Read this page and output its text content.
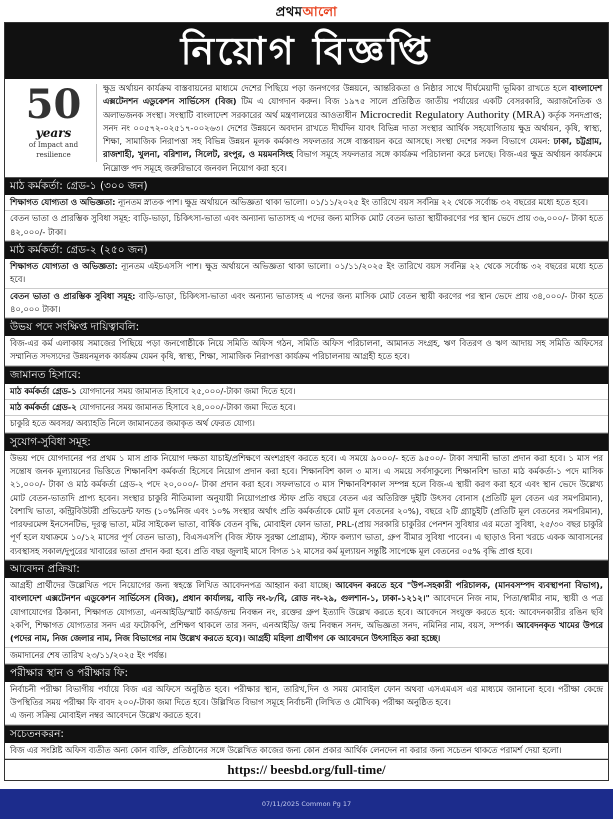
প্রথমআলো
নিয়োগ বিজ্ঞপ্তি
50
years
of Impact and resilience
ক্ষুদ্র অর্থায়ন কার্যক্রম বাস্তবায়নের মাধ্যমে দেশের পিছিয়ে পড়া জনগণের উন্নয়নে, আন্তরিকতা ও নিষ্ঠার সাথে দীর্ঘমেয়াদী ভূমিকা রাখতে হলে বাংলাদেশ এক্সটেনশন এডুকেশন সার্ভিসেস (বিজ) টিম এ যোগদান করুন। বিজ ১৯৭৫ সালে প্রতিষ্ঠিত জাতীয় পর্যায়ের একটি বেসরকারি, অরাজনৈতিক ও অলাভজনক সংস্থা। সংস্থাটি বাংলাদেশ সরকারের অর্থ মন্ত্রণালয়ের আওতাধীন Microcredit Regulatory Authority (MRA) কর্তৃক সনদপ্রাপ্ত; সনদ নং ০০৫৭২-০২৫১৭-০০২৬৩। দেশের উন্নয়নে অবদান রাখতে দীর্ঘদিন যাবৎ বিভিন্ন দাতা সংস্থার আর্থিক সহযোগিতায় ক্ষুদ্র অর্থায়ন, কৃষি, স্বাস্থ্য, শিক্ষা, সামাজিক নিরাপত্তা সহ বিভিন্ন উন্নয়ন মূলক কর্মকাণ্ড সফলতার সঙ্গে বাস্তবায়ন করে আসছে। সংস্থা দেশের সকল বিভাগে যেমন: ঢাকা, চট্টগ্রাম, রাজশাহী, খুলনা, বরিশাল, সিলেট, রংপুর, ও ময়মনসিংহ বিভাগ সমূহে সফলতার সঙ্গে কার্যক্রম পরিচালনা করে চলছে। বিজ-এর ক্ষুদ্র অর্থায়ন কার্যক্রমে নিম্নোক্ত পদ সমূহে জরুরিভাবে জনবল নিয়োগ করা হবে।
মাঠ কর্মকর্তা: গ্রেড-১ (৩০০ জন)
শিক্ষাগত যোগ্যতা ও অভিজ্ঞতা: ন্যূনতম স্নাতক পাশ। ক্ষুদ্র অর্থায়নে অভিজ্ঞতা থাকা ভালো। ০১/১১/২০২৫ ইং তারিখে বয়স সর্বনিম্ন ২২ থেকে সর্বোচ্চ ৩২ বছরের মধ্যে হতে হবে।
বেতন ভাতা ও প্রারম্ভিক সুবিধা সমূহ: বাড়ি-ভাড়া, চিকিৎসা-ভাতা এবং অন্যান্য ভাতাসহ এ পদের জন্য মাসিক মোট বেতন ভাতা স্থায়ীকরণের পর স্থান ভেদে প্রায় ৩৬,০০০/- টাকা হতে ৪২,০০০/- টাকা।
মাঠ কর্মকর্তা: গ্রেড-২ (২৫০ জন)
শিক্ষাগত যোগ্যতা ও অভিজ্ঞতা: ন্যূনতম এইচএসসি পাশ। ক্ষুদ্র অর্থায়নে অভিজ্ঞতা থাকা ভালো। ০১/১১/২০২৫ ইং তারিখে বয়স সর্বনিম্ন ২২ থেকে সর্বোচ্চ ৩২ বছরের মধ্যে হতে হবে।
বেতন ভাতা ও প্রারম্ভিক সুবিধা সমূহ: বাড়ি-ভাড়া, চিকিৎসা-ভাতা এবং অন্যান্য ভাতাসহ এ পদের জন্য মাসিক মোট বেতন স্থায়ী করণের পর স্থান ভেদে প্রায় ৩৪,০০০/- টাকা হতে ৪০,০০০ টাকা।
উভয় পদে সংক্ষিপ্ত দায়িত্বাবলি:
বিজ-এর কর্ম এলাকায় সমাজের পিছিয়ে পড়া জনগোষ্ঠীকে নিয়ে সমিতি অফিস গঠন, সমিতি অফিস পরিচালনা, আমানত সংগ্রহ, ঋণ বিতরণ ও ঋণ আদায় সহ সমিতি অফিসের সম্মানিত সদস্যদের উন্নয়নমূলক কার্যক্রম যেমন কৃষি, স্বাস্থ্য, শিক্ষা, সামাজিক নিরাপত্তা কার্যক্রম পরিচালনায় আগ্রহী হতে হবে।
জামানত হিসাবে:
মাঠ কর্মকর্তা গ্রেড-১ যোগদানের সময় জামানত হিসাবে ২৫,০০০/-টাকা জমা দিতে হবে।
মাঠ কর্মকর্তা গ্রেড-২ যোগদানের সময় জামানত হিসাবে ২৪,০০০/-টাকা জমা দিতে হবে।
চাকুরি হতে অবসর/ অব্যাহতি নিলে জামানতের জমাকৃত অর্থ ফেরত যোগ্য।
সুযোগ-সুবিধা সমূহ:
উভয় পদে যোগদানের পর প্রথম ১ মাস প্রাক নিয়োগ দক্ষতা যাচাই/প্রশিক্ষণে অংশগ্রহণ করতে হবে। এ সময়ে ৯০০০/- হতে ৯৫০০/- টাকা সম্মানী ভাতা প্রদান করা হবে। ১ মাস পর সন্তোষ জনক মূল্যায়নের ভিত্তিতে শিক্ষানবিশ কর্মকর্তা হিসেবে নিয়োগ প্রদান করা হবে। শিক্ষানবিশ কাল ৩ মাস। এ সময়ে সর্বসাকুল্যে শিক্ষানবিশ ভাতা মাঠ কর্মকর্তা-১ পদে মাসিক ২১,০০০/- টাকা ও মাঠ কর্মকর্তা গ্রেড-২ পদে ২০,০০০/- টাকা প্রদান করা হবে। সফলভাবে ৩ মাস শিক্ষানবিশকাল সম্পন্ন হলে বিজ-এ স্থায়ী করণ করা হবে এবং স্থান ভেদে উল্লেখ্য মোট বেতন-ভাতাদি প্রাপ্য হবেন। সংস্থার চাকুরি নীতিমালা অনুযায়ী নিয়োগপ্রাপ্ত স্টাফ প্রতি বছরে বেতন এর অতিরিক্ত দুইটি উৎসব বোনাস (প্রতিটি মূল বেতন এর সমপরিমান), বৈশাখি ভাতা, কন্ট্রিবিউটরী প্রভিডেন্ট ফান্ড (১০%নিজ এবং ১০% সংস্থার অর্থাৎ প্রতি কর্মকর্তাকে মোট মূল বেতনের ২০%), বছরে ২টি গ্র্যাচুইটি (প্রতিটি মূল বেতনের সমপরিমান), পারফরমেন্স ইনসেনটিভ, দূরত্ব ভাতা, মটর সাইকেল ভাতা, বার্ষিক বেতন বৃদ্ধি, মোবাইল ফোন ভাতা, PRL-(প্রায় সরকারি চাকুরির পেনশন সুবিধার এর মতো সুবিধা, ২৫/৩০ বছর চাকুরি পূর্ণ হলে যথাক্রমে ১০/১২ মাসের পূর্ণ বেতন ভাতা), বিএসএসপি (বিজ স্টাফ সুরক্ষা প্রোগ্রাম), স্টাফ কল্যাণ ভাতা, গ্রুপ বীমার সুবিধা পাবেন। এ ছাড়াও বিনা খরচে একক আবাসনের ব্যবস্থাসহ সকাল/দুপুরের খাবারের ভাতা প্রদান করা হবে। প্রতি বছর জুলাই মাসে বিগত ১২ মাসের কর্ম মূল্যায়ন সন্তুষ্টি সাপেক্ষে মূল বেতনের ০৫% বৃদ্ধি প্রাপ্ত হবে।
আবেদন প্রক্রিয়া:
আগ্রহী প্রার্থীদের উল্লেখিত পদে নিয়োগের জন্য স্বহস্তে লিখিত আবেদনপত্র আহ্বান করা যাচ্ছে। আবেদন করতে হবে "উপ-সহকারী পরিচালক, (মানবসম্পদ ব্যবস্থাপনা বিভাগ), বাংলাদেশ এক্সটেনশন এডুকেশন সার্ভিসেস (বিজ), প্রধান কার্যালয়, বাড়ি নং-৮/বি, রোড নং-২৯, গুলশান-১, ঢাকা-১২১২।" আবেদনে নিজ নাম, পিতা/স্বামীর নাম, স্থায়ী ও পত্র যোগাযোগের ঠিকানা, শিক্ষাগত যোগ্যতা, এনআইডি/স্মার্ট কার্ড/জন্ম নিবন্ধন নং, রক্তের গ্রুপ ইত্যাদি উল্লেখ করতে হবে। আবেদনে সংযুক্ত করতে হবে: আবেদনকারীর রঙিন ছবি ২কপি, শিক্ষাগত যোগ্যতার সনদ এর ফটোকপি, প্রশিক্ষণ থাকলে তার সনদ, এনআইডি/ জন্ম নিবন্ধন সনদ, অভিজ্ঞতা সনদ, নমিনির নাম, বয়স, সম্পর্ক। আবেদনকৃত খামের উপরে (পদের নাম, নিজ জেলার নাম, নিজ বিভাগের নাম উল্লেখ করতে হবে)। আগ্রহী মহিলা প্রার্থীগণ কে আবেদনে উৎসাহিত করা হচ্ছে।
জমাদানের শেষ তারিখ ২৩/১১/২০২৫ ইং পর্যন্ত।
পরীক্ষার স্থান ও পরীক্ষার ফি:
নির্বাচনী পরীক্ষা বিভাগীয় পর্যায়ে বিজ এর অফিসে অনুষ্ঠিত হবে। পরীক্ষার স্থান, তারিখ,দিন ও সময় মোবাইল ফোন অথবা এসএমএস এর মাধ্যমে জানানো হবে। পরীক্ষা কেন্দ্রে উপস্থিতির সময় পরীক্ষা ফি বাবদ ২০০/-টাকা জমা দিতে হবে। উল্লিখিত বিভাগ সমূহে নির্বাচনী (লিখিত ও মৌখিক) পরীক্ষা অনুষ্ঠিত হবে।
এ জন্য সক্রিয় মোবাইল নম্বর আবেদনে উল্লেখ করতে হবে।
সচেতনকরন:
বিজ এর সংশ্লিষ্ট অফিস ব্যতীত অন্য কোন ব্যক্তি, প্রতিষ্ঠানের সঙ্গে উল্লেখিত কাজের জন্য কোন প্রকার আর্থিক লেনদেন না করার জন্য সচেতন থাকতে পরামর্শ দেয়া হলো।
https:// beesbd.org/full-time/
07/11/2025 Common Pg 17
